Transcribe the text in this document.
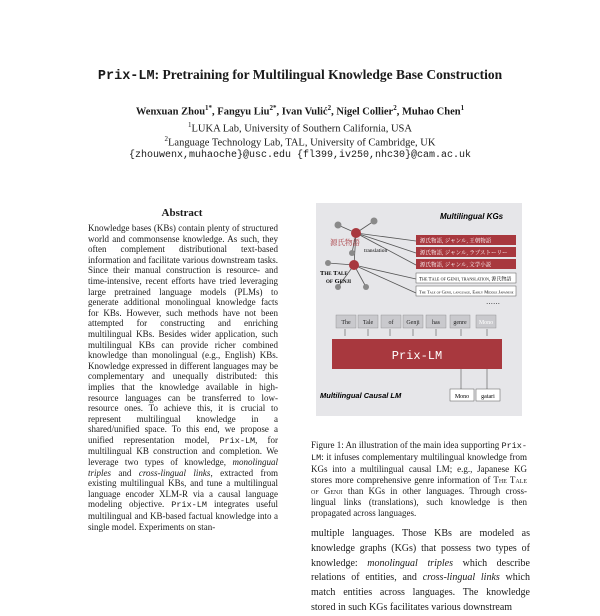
Prix-LM: Pretraining for Multilingual Knowledge Base Construction
Wenxuan Zhou$^{1*}$, Fangyu Liu$^{2*}$, Ivan Vulić$^2$, Nigel Collier$^2$, Muhao Chen$^1$
$^1$LUKA Lab, University of Southern California, USA
$^2$Language Technology Lab, TAL, University of Cambridge, UK
{zhouwenx,muhaoche}@usc.edu {fl399,iv250,nhc30}@cam.ac.uk
Abstract
Knowledge bases (KBs) contain plenty of structured world and commonsense knowledge. As such, they often complement distributional text-based information and facilitate various downstream tasks. Since their manual construction is resource- and time-intensive, recent efforts have tried leveraging large pretrained language models (PLMs) to generate additional monolingual knowledge facts for KBs. However, such methods have not been attempted for constructing and enriching multilingual KBs. Besides wider application, such multilingual KBs can provide richer combined knowledge than monolingual (e.g., English) KBs. Knowledge expressed in different languages may be complementary and unequally distributed: this implies that the knowledge available in high-resource languages can be transferred to low-resource ones. To achieve this, it is crucial to represent multilingual knowledge in a shared/unified space. To this end, we propose a unified representation model, Prix-LM, for multilingual KB construction and completion. We leverage two types of knowledge, monolingual triples and cross-lingual links, extracted from existing multilingual KBs, and tune a multilingual language encoder XLM-R via a causal language modeling objective. Prix-LM integrates useful multilingual and KB-based factual knowledge into a single model. Experiments on stan-
Multilingual KGs
源氏物語
The Tale
of Genji
translation
源氏物語, ジャンル, 王朝物語
源氏物語, ジャンル, ラブストーリー
源氏物語, ジャンル, 文学小説
The Tale of Genji, translation, 源氏物語
The Tale of Genji, language, Early Middle Japanese
……
The Tale	of Genji has genre Mono
Prix-LM
Multilingual Causal LM	Mono gatari
Figure 1: An illustration of the main idea supporting Prix-LM: it infuses complementary multilingual knowledge from KGs into a multilingual causal LM; e.g., Japanese KG stores more comprehensive genre information of The Tale of Genji than KGs in other languages. Through cross-lingual links (translations), such knowledge is then propagated across languages.
multiple languages. Those KBs are modeled as knowledge graphs (KGs) that possess two types of knowledge: monolingual triples which describe relations of entities, and cross-lingual links which match entities across languages. The knowledge stored in such KGs facilitates various downstream
